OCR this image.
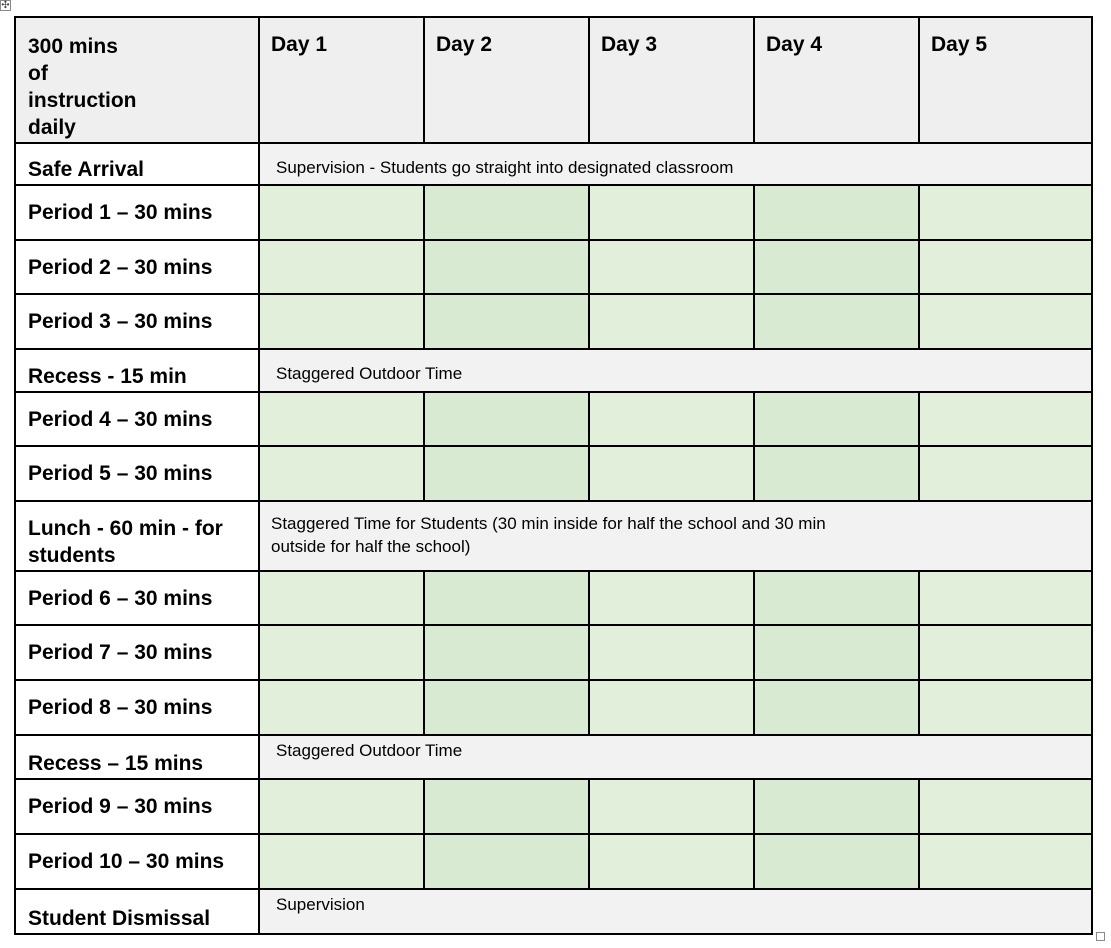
✣
300 mins
of
instruction
daily	Day 1	Day 2	Day 3	Day 4	Day 5
Safe Arrival	Supervision - Students go straight into designated classroom				
Period 1 – 30 mins					
Period 2 – 30 mins					
Period 3 – 30 mins					
Recess - 15 min	Staggered Outdoor Time				
Period 4 – 30 mins					
Period 5 – 30 mins					
Lunch - 60 min - for students	Staggered Time for Students (30 min inside for half the school and 30 min outside for half the school)				

Period 6 – 30 mins					
Period 7 – 30 mins					
Period 8 – 30 mins					
Recess – 15 mins	Staggered Outdoor Time				
Period 9 – 30 mins					
Period 10 – 30 mins					
Student Dismissal	Supervision				
